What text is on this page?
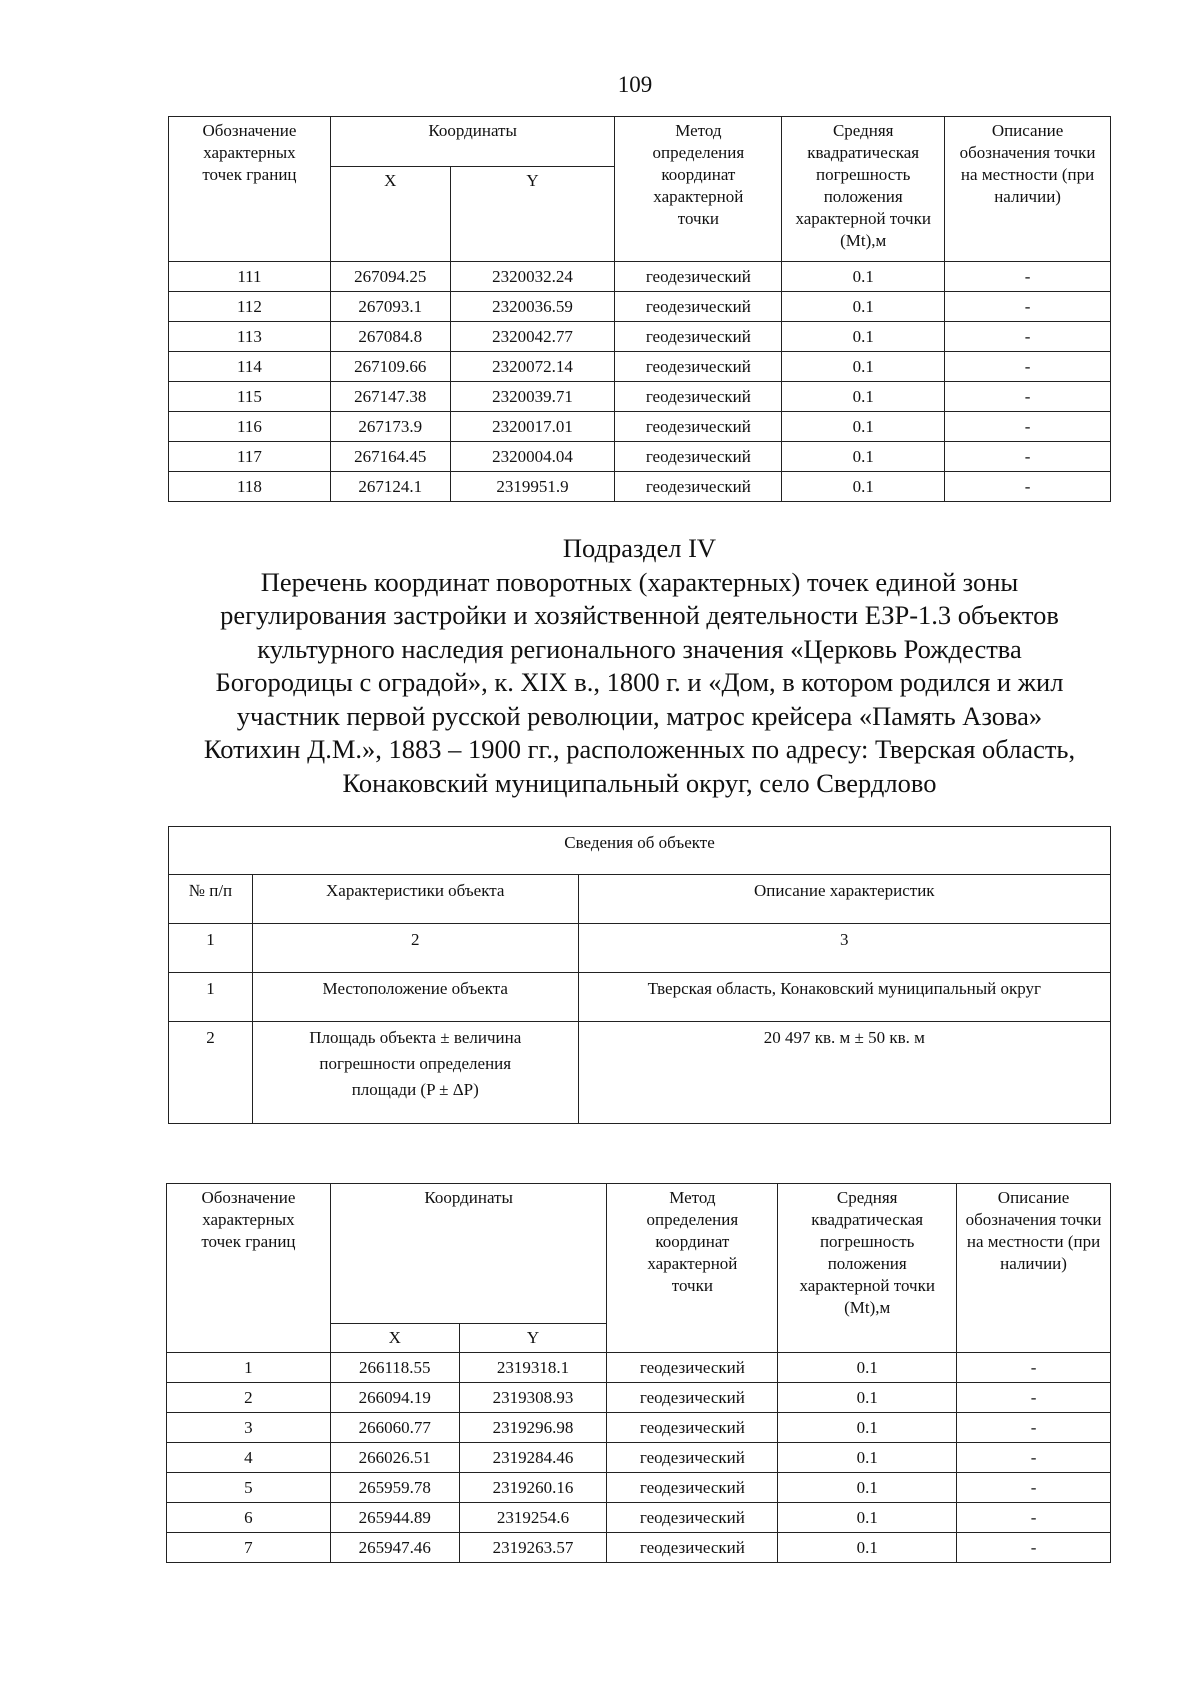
109
Обозначение характерных точек границ	Координаты		Метод определения координат характерной точки	Средняя квадратическая погрешность положения характерной точки (Mt),м	Описание обозначения точки на местности (при наличии)
	X	Y			
111	267094.25	2320032.24	геодезический	0.1	-
112	267093.1	2320036.59	геодезический	0.1	-
113	267084.8	2320042.77	геодезический	0.1	-
114	267109.66	2320072.14	геодезический	0.1	-
115	267147.38	2320039.71	геодезический	0.1	-
116	267173.9	2320017.01	геодезический	0.1	-
117	267164.45	2320004.04	геодезический	0.1	-
118	267124.1	2319951.9	геодезический	0.1	-
Подраздел IV
Перечень координат поворотных (характерных) точек единой зоны
регулирования застройки и хозяйственной деятельности ЕЗР-1.3 объектов
культурного наследия регионального значения «Церковь Рождества
Богородицы с оградой», к. XIX в., 1800 г. и «Дом, в котором родился и жил
участник первой русской революции, матрос крейсера «Память Азова»
Котихин Д.М.», 1883 – 1900 гг., расположенных по адресу: Тверская область,
Конаковский муниципальный округ, село Свердлово
Сведения об объекте		
№ п/п	Характеристики объекта	Описание характеристик
1	2	3
1	Местоположение объекта	Тверская область, Конаковский муниципальный округ
2	Площадь объекта ± величина
погрешности определения
площади (P ± ΔP)	20 497 кв. м ± 50 кв. м
Обозначение характерных точек границ	Координаты		Метод определения координат характерной точки	Средняя квадратическая погрешность положения характерной точки (Mt),м	Описание обозначения точки на местности (при наличии)
	X	Y			
1	266118.55	2319318.1	геодезический	0.1	-
2	266094.19	2319308.93	геодезический	0.1	-
3	266060.77	2319296.98	геодезический	0.1	-
4	266026.51	2319284.46	геодезический	0.1	-
5	265959.78	2319260.16	геодезический	0.1	-
6	265944.89	2319254.6	геодезический	0.1	-
7	265947.46	2319263.57	геодезический	0.1	-
